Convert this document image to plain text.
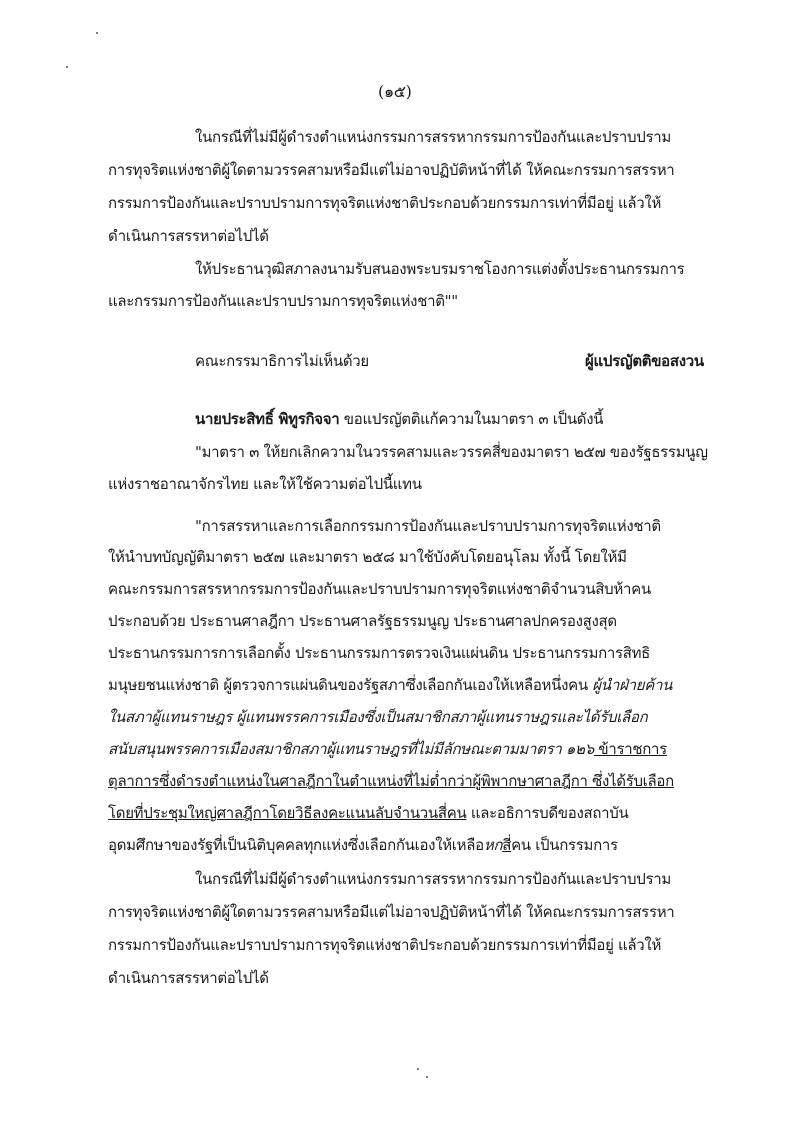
(๑๕)
ในกรณีที่ไม่มีผู้ดำรงตำแหน่งกรรมการสรรหากรรมการป้องกันและปราบปราม
การทุจริตแห่งชาติผู้ใดตามวรรคสามหรือมีแต่ไม่อาจปฏิบัติหน้าที่ได้ ให้คณะกรรมการสรรหา
กรรมการป้องกันและปราบปรามการทุจริตแห่งชาติประกอบด้วยกรรมการเท่าที่มีอยู่ แล้วให้
ดำเนินการสรรหาต่อไปได้
ให้ประธานวุฒิสภาลงนามรับสนองพระบรมราชโองการแต่งตั้งประธานกรรมการ
และกรรมการป้องกันและปราบปรามการทุจริตแห่งชาติ""
คณะกรรมาธิการไม่เห็นด้วย	ผู้แปรญัตติขอสงวน
นายประสิทธิ์ พิทูรกิจจา ขอแปรญัตติแก้ความในมาตรา ๓ เป็นดังนี้
"มาตรา ๓ ให้ยกเลิกความในวรรคสามและวรรคสี่ของมาตรา ๒๕๗ ของรัฐธรรมนูญ
แห่งราชอาณาจักรไทย และให้ใช้ความต่อไปนี้แทน
"การสรรหาและการเลือกกรรมการป้องกันและปราบปรามการทุจริตแห่งชาติ
ให้นำบทบัญญัติมาตรา ๒๕๗ และมาตรา ๒๕๘ มาใช้บังคับโดยอนุโลม ทั้งนี้ โดยให้มี
คณะกรรมการสรรหากรรมการป้องกันและปราบปรามการทุจริตแห่งชาติจำนวนสิบห้าคน
ประกอบด้วย ประธานศาลฎีกา ประธานศาลรัฐธรรมนูญ ประธานศาลปกครองสูงสุด
ประธานกรรมการการเลือกตั้ง ประธานกรรมการตรวจเงินแผ่นดิน ประธานกรรมการสิทธิ
มนุษยชนแห่งชาติ ผู้ตรวจการแผ่นดินของรัฐสภาซึ่งเลือกกันเองให้เหลือหนึ่งคน ผู้นำฝ่ายค้าน
ในสภาผู้แทนราษฎร ผู้แทนพรรคการเมืองซึ่งเป็นสมาชิกสภาผู้แทนราษฎรและได้รับเลือก
สนับสนุนพรรคการเมืองสมาชิกสภาผู้แทนราษฎรที่ไม่มีลักษณะตามมาตรา ๑๒๖ ข้าราชการ
ตุลาการซึ่งดำรงตำแหน่งในศาลฎีกาในตำแหน่งที่ไม่ต่ำกว่าผู้พิพากษาศาลฎีกา ซึ่งได้รับเลือก
โดยที่ประชุมใหญ่ศาลฎีกาโดยวิธีลงคะแนนลับจำนวนสี่คน และอธิการบดีของสถาบัน
อุดมศึกษาของรัฐที่เป็นนิติบุคคลทุกแห่งซึ่งเลือกกันเองให้เหลือหกสี่คน เป็นกรรมการ
ในกรณีที่ไม่มีผู้ดำรงตำแหน่งกรรมการสรรหากรรมการป้องกันและปราบปราม
การทุจริตแห่งชาติผู้ใดตามวรรคสามหรือมีแต่ไม่อาจปฏิบัติหน้าที่ได้ ให้คณะกรรมการสรรหา
กรรมการป้องกันและปราบปรามการทุจริตแห่งชาติประกอบด้วยกรรมการเท่าที่มีอยู่ แล้วให้
ดำเนินการสรรหาต่อไปได้
